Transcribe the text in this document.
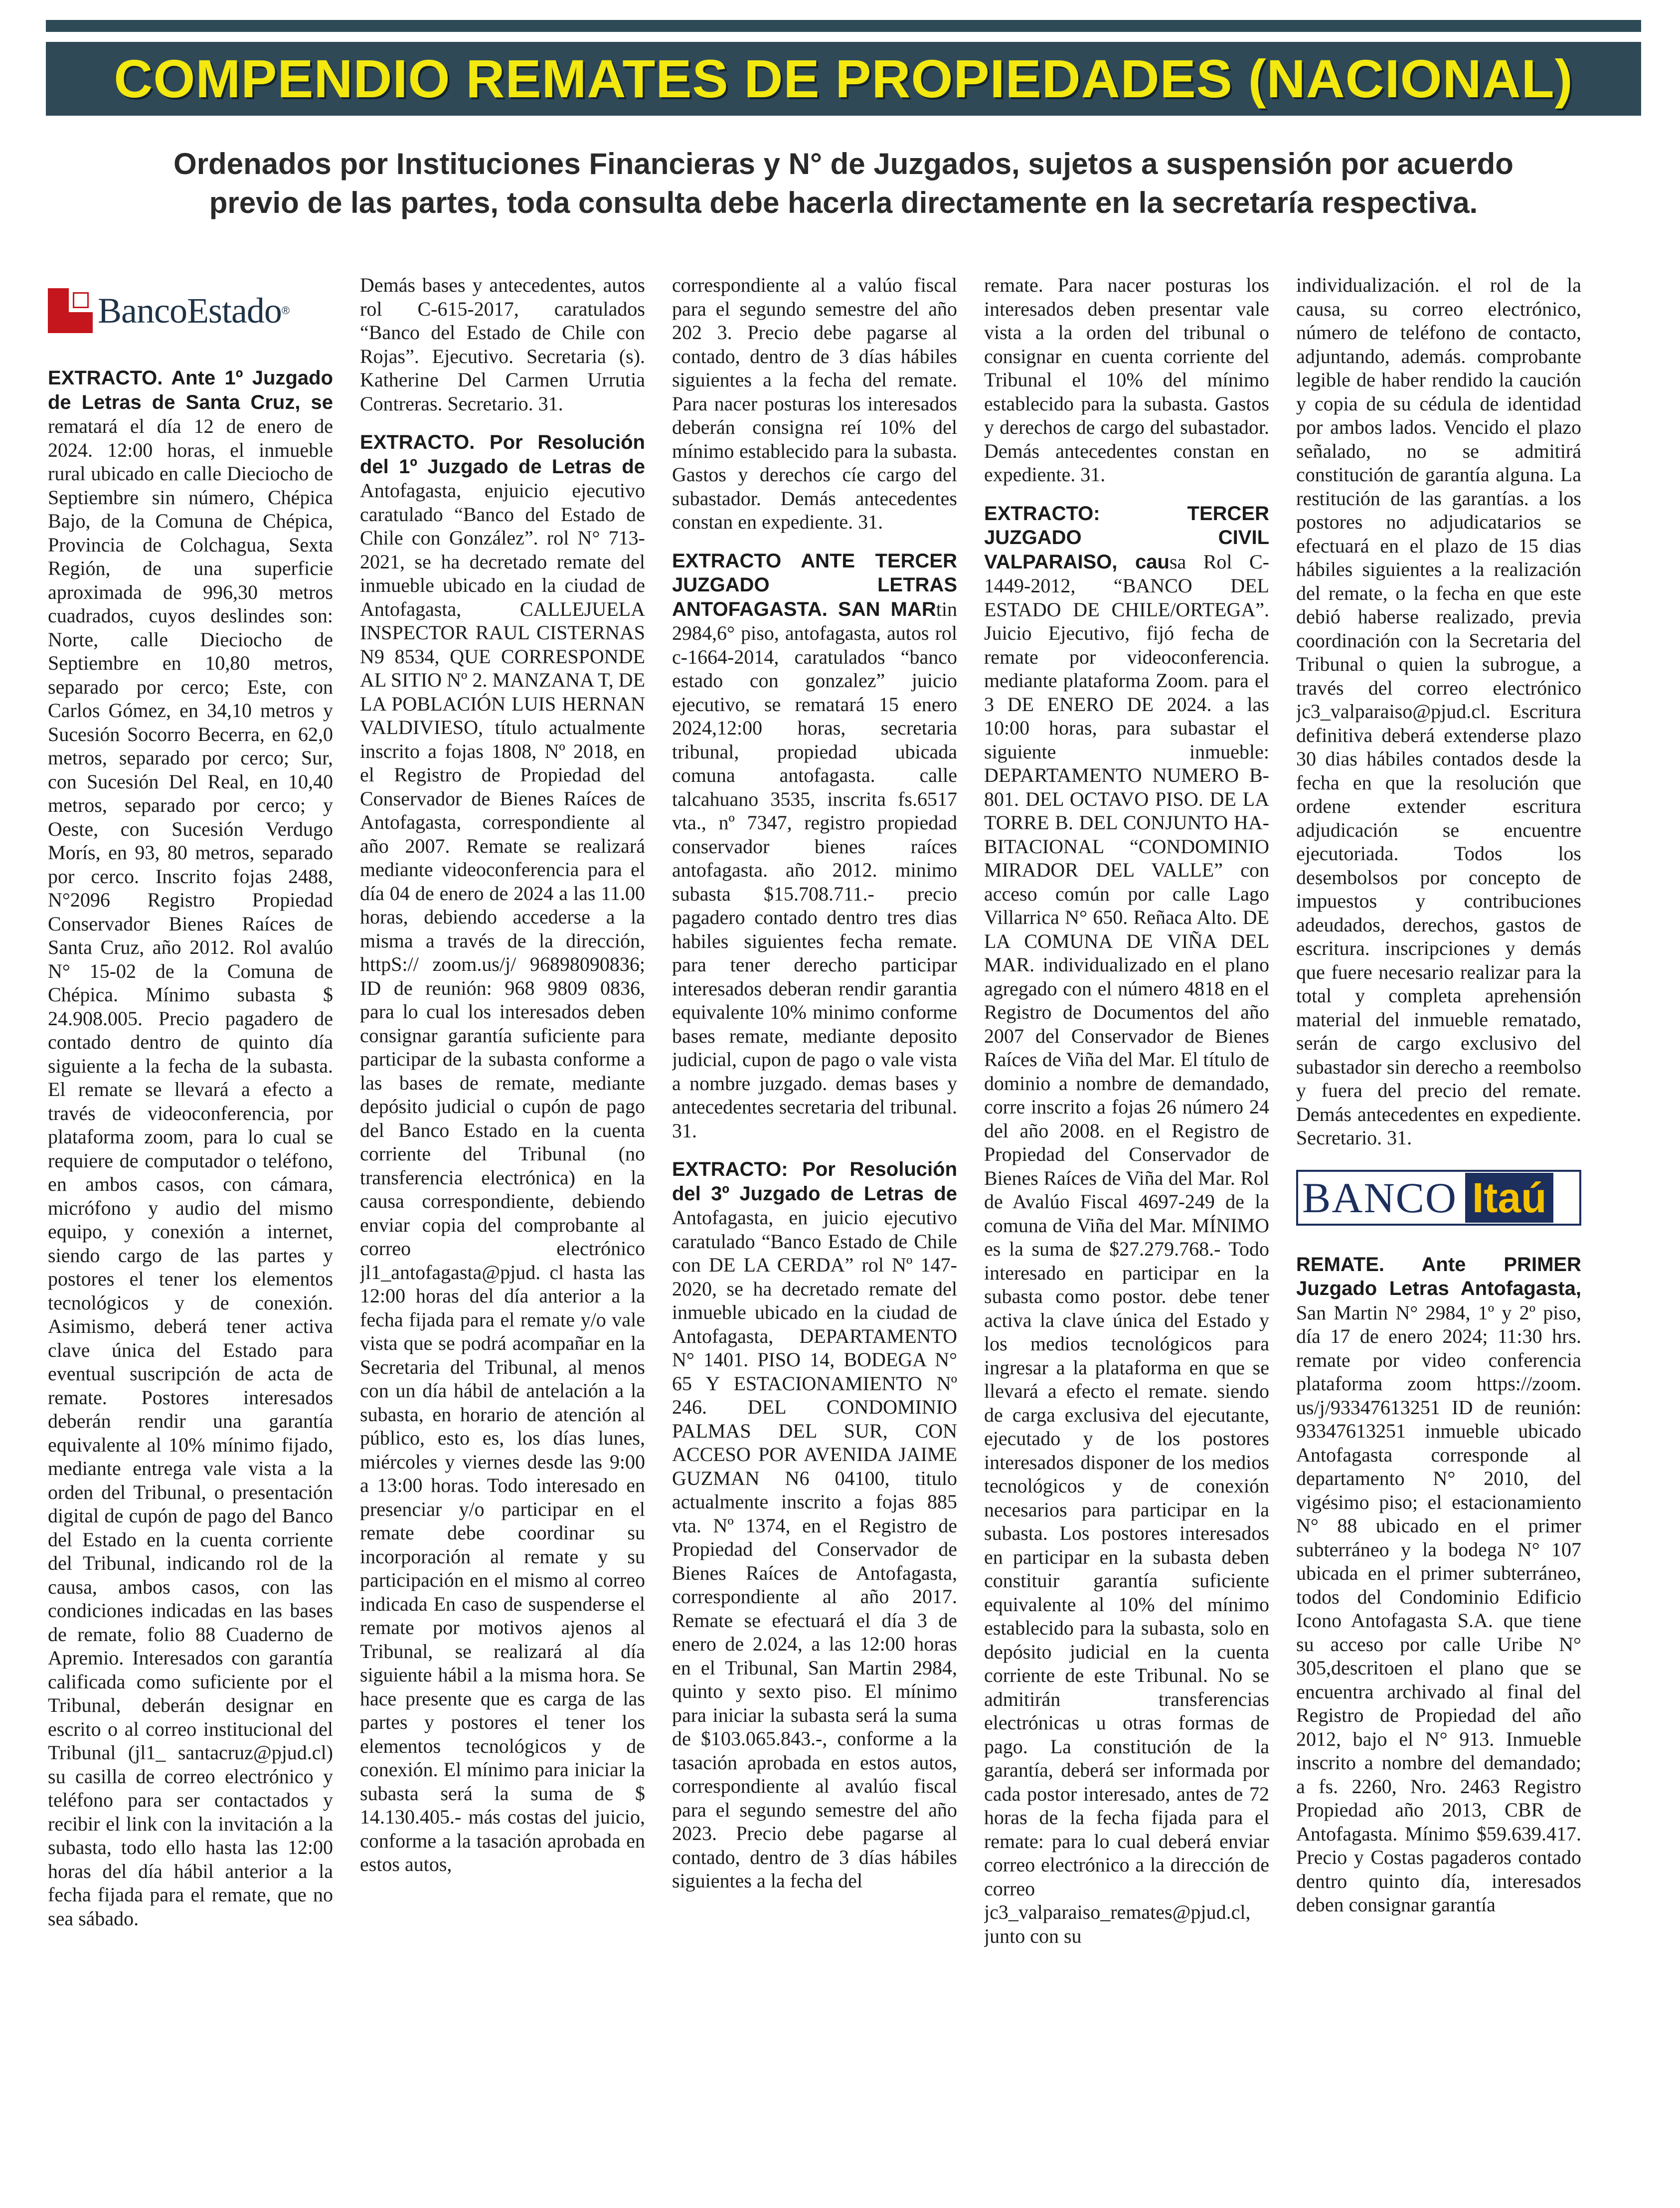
COMPENDIO REMATES DE PROPIEDADES (NACIONAL)
Ordenados por Instituciones Financieras y N° de Juzgados, sujetos a suspensión por acuerdo
previo de las partes, toda consulta debe hacerla directamente en la secretaría respectiva.
BancoEstado ®

EXTRACTO. Ante 1º Juzgado de Letras de Santa Cruz, se rematará el día 12 de enero de 2024. 12:00 horas, el inmueble rural ubicado en calle Dieciocho de Septiembre sin número, Chépica Bajo, de la Comuna de Chépica, Provincia de Colchagua, Sexta Región, de una superficie aproximada de 996,30 metros cuadrados, cuyos deslindes son: Norte, calle Dieciocho de Septiembre en 10,80 metros, separado por cerco; Este, con Carlos Gómez, en 34,10 metros y Sucesión Socorro Becerra, en 62,0 metros, separado por cerco; Sur, con Sucesión Del Real, en 10,40 metros, separado por cerco; y Oeste, con Sucesión Verdugo Morís, en 93, 80 metros, separado por cerco. Inscrito fojas 2488, N°2096 Registro Propiedad Conservador Bienes Raíces de Santa Cruz, año 2012. Rol avalúo N° 15-02 de la Comuna de Chépica. Mínimo subasta $ 24.908.005. Precio pagadero de contado dentro de quinto día siguiente a la fecha de la subasta. El remate se llevará a efecto a través de videoconferencia, por plataforma zoom, para lo cual se requiere de computador o teléfono, en ambos casos, con cámara, micrófono y audio del mismo equipo, y conexión a internet, siendo cargo de las partes y postores el tener los elementos tecnológicos y de conexión. Asimismo, deberá tener activa clave única del Estado para eventual suscripción de acta de remate. Postores interesados deberán rendir una garantía equivalente al 10% mínimo fijado, mediante entrega vale vista a la orden del Tribunal, o presentación digital de cupón de pago del Banco del Estado en la cuenta corriente del Tribunal, indicando rol de la causa, ambos casos, con las condiciones indicadas en las bases de remate, folio 88 Cuaderno de Apremio. Interesados con garantía calificada como suficiente por el Tribunal, deberán designar en escrito o al correo institucional del Tribunal (jl1_ santacruz@pjud.cl) su casilla de correo electrónico y teléfono para ser contactados y recibir el link con la invitación a la subasta, todo ello hasta las 12:00 horas del día hábil anterior a la fecha fijada para el remate, que no sea sábado.

Demás bases y antecedentes, autos rol C-615-2017, caratulados “Banco del Estado de Chile con Rojas”. Ejecutivo. Secretaria (s). Katherine Del Carmen Urrutia Contreras. Secretario. 31.

EXTRACTO. Por Resolución del 1º Juzgado de Letras de Antofagasta, enjuicio ejecutivo caratulado “Banco del Estado de Chile con González”. rol N° 713-2021, se ha decretado remate del inmueble ubicado en la ciudad de Antofagasta, CALLEJUELA INSPECTOR RAUL CISTERNAS N9 8534, QUE CORRESPONDE AL SITIO Nº 2. MANZANA T, DE LA POBLACIÓN LUIS HERNAN VALDIVIESO, título actualmente inscrito a fojas 1808, Nº 2018, en el Registro de Propiedad del Conservador de Bienes Raíces de Antofagasta, correspondiente al año 2007. Remate se realizará mediante videoconferencia para el día 04 de enero de 2024 a las 11.00 horas, debiendo accederse a la misma a través de la dirección, httpS:// zoom.us/j/ 96898090836; ID de reunión: 968 9809 0836, para lo cual los interesados deben consignar garantía suficiente para participar de la subasta conforme a las bases de remate, mediante depósito judicial o cupón de pago del Banco Estado en la cuenta corriente del Tribunal (no transferencia electrónica) en la causa correspondiente, debiendo enviar copia del comprobante al correo electrónico jl1_antofagasta@pjud. cl hasta las 12:00 horas del día anterior a la fecha fijada para el remate y/o vale vista que se podrá acompañar en la Secretaria del Tribunal, al menos con un día hábil de antelación a la subasta, en horario de atención al público, esto es, los días lunes, miércoles y viernes desde las 9:00 a 13:00 horas. Todo interesado en presenciar y/o participar en el remate debe coordinar su incorporación al remate y su participación en el mismo al correo indicada En caso de suspenderse el remate por motivos ajenos al Tribunal, se realizará al día siguiente hábil a la misma hora. Se hace presente que es carga de las partes y postores el tener los elementos tecnológicos y de conexión. El mínimo para iniciar la subasta será la suma de $ 14.130.405.- más costas del juicio, conforme a la tasación aprobada en estos autos,

correspondiente al a valúo fiscal para el segundo semestre del año 202 3. Precio debe pagarse al contado, dentro de 3 días hábiles siguientes a la fecha del remate. Para nacer posturas los interesados deberán consigna reí 10% del mínimo establecido para la subasta. Gastos y derechos cíe cargo del subastador. Demás antecedentes constan en expediente. 31.

EXTRACTO ANTE TERCER JUZGADO LETRAS ANTOFAGASTA. SAN MARtin 2984,6° piso, antofagasta, autos rol c-1664-2014, caratulados “banco estado con gonzalez” juicio ejecutivo, se rematará 15 enero 2024,12:00 horas, secretaria tribunal, propiedad ubicada comuna antofagasta. calle talcahuano 3535, inscrita fs.6517 vta., nº 7347, registro propiedad conservador bienes raíces antofagasta. año 2012. minimo subasta $15.708.711.- precio pagadero contado dentro tres dias habiles siguientes fecha remate. para tener derecho participar interesados deberan rendir garantia equivalente 10% minimo conforme bases remate, mediante deposito judicial, cupon de pago o vale vista a nombre juzgado. demas bases y antecedentes secretaria del tribunal. 31.

EXTRACTO: Por Resolución del 3º Juzgado de Letras de Antofagasta, en juicio ejecutivo caratulado “Banco Estado de Chile con DE LA CERDA” rol Nº 147-2020, se ha decretado remate del inmueble ubicado en la ciudad de Antofagasta, DEPARTAMENTO N° 1401. PISO 14, BODEGA N° 65 Y ESTACIONAMIENTO Nº 246. DEL CONDOMINIO PALMAS DEL SUR, CON ACCESO POR AVENIDA JAIME GUZMAN N6 04100, titulo actualmente inscrito a fojas 885 vta. Nº 1374, en el Registro de Propiedad del Conservador de Bienes Raíces de Antofagasta, correspondiente al año 2017. Remate se efectuará el día 3 de enero de 2.024, a las 12:00 horas en el Tribunal, San Martin 2984, quinto y sexto piso. El mínimo para iniciar la subasta será la suma de $103.065.843.-, conforme a la tasación aprobada en estos autos, correspondiente al avalúo fiscal para el segundo semestre del año 2023. Precio debe pagarse al contado, dentro de 3 días hábiles siguientes a la fecha del

remate. Para nacer posturas los interesados deben presentar vale vista a la orden del tribunal o consignar en cuenta corriente del Tribunal el 10% del mínimo establecido para la subasta. Gastos y derechos de cargo del subastador. Demás antecedentes constan en expediente. 31.

EXTRACTO: TERCER JUZGADO CIVIL VALPARAISO, causa Rol C-1449-2012, “BANCO DEL ESTADO DE CHILE/ORTEGA”. Juicio Ejecutivo, fijó fecha de remate por videoconferencia. mediante plataforma Zoom. para el 3 DE ENERO DE 2024. a las 10:00 horas, para subastar el siguiente inmueble: DEPARTAMENTO NUMERO B-801. DEL OCTAVO PISO. DE LA TORRE B. DEL CONJUNTO HA-BITACIONAL “CONDOMINIO MIRADOR DEL VALLE” con acceso común por calle Lago Villarrica N° 650. Reñaca Alto. DE LA COMUNA DE VIÑA DEL MAR. individualizado en el plano agregado con el número 4818 en el Registro de Documentos del año 2007 del Conservador de Bienes Raíces de Viña del Mar. El título de dominio a nombre de demandado, corre inscrito a fojas 26 número 24 del año 2008. en el Registro de Propiedad del Conservador de Bienes Raíces de Viña del Mar. Rol de Avalúo Fiscal 4697-249 de la comuna de Viña del Mar. MÍNIMO es la suma de $27.279.768.- Todo interesado en participar en la subasta como postor. debe tener activa la clave única del Estado y los medios tecnológicos para ingresar a la plataforma en que se llevará a efecto el remate. siendo de carga exclusiva del ejecutante, ejecutado y de los postores interesados disponer de los medios tecnológicos y de conexión necesarios para participar en la subasta. Los postores interesados en participar en la subasta deben constituir garantía suficiente equivalente al 10% del mínimo establecido para la subasta, solo en depósito judicial en la cuenta corriente de este Tribunal. No se admitirán transferencias electrónicas u otras formas de pago. La constitución de la garantía, deberá ser informada por cada postor interesado, antes de 72 horas de la fecha fijada para el remate: para lo cual deberá enviar correo electrónico a la dirección de correo jc3_valparaiso_remates@pjud.cl, junto con su

individualización. el rol de la causa, su correo electrónico, número de teléfono de contacto, adjuntando, además. comprobante legible de haber rendido la caución y copia de su cédula de identidad por ambos lados. Vencido el plazo señalado, no se admitirá constitución de garantía alguna. La restitución de las garantías. a los postores no adjudicatarios se efectuará en el plazo de 15 dias hábiles siguientes a la realización del remate, o la fecha en que este debió haberse realizado, previa coordinación con la Secretaria del Tribunal o quien la subrogue, a través del correo electrónico jc3_valparaiso@pjud.cl. Escritura definitiva deberá extenderse plazo 30 dias hábiles contados desde la fecha en que la resolución que ordene extender escritura adjudicación se encuentre ejecutoriada. Todos los desembolsos por concepto de impuestos y contribuciones adeudados, derechos, gastos de escritura. inscripciones y demás que fuere necesario realizar para la total y completa aprehensión material del inmueble rematado, serán de cargo exclusivo del subastador sin derecho a reembolso y fuera del precio del remate. Demás antecedentes en expediente. Secretario. 31.

BANCO Itaú

REMATE. Ante PRIMER Juzgado Letras Antofagasta, San Martin N° 2984, 1º y 2º piso, día 17 de enero 2024; 11:30 hrs. remate por video conferencia plataforma zoom https://zoom. us/j/93347613251 ID de reunión: 93347613251 inmueble ubicado Antofagasta corresponde al departamento N° 2010, del vigésimo piso; el estacionamiento N° 88 ubicado en el primer subterráneo y la bodega N° 107 ubicada en el primer subterráneo, todos del Condominio Edificio Icono Antofagasta S.A. que tiene su acceso por calle Uribe N° 305,descritoen el plano que se encuentra archivado al final del Registro de Propiedad del año 2012, bajo el N° 913. Inmueble inscrito a nombre del demandado; a fs. 2260, Nro. 2463 Registro Propiedad año 2013, CBR de Antofagasta. Mínimo $59.639.417. Precio y Costas pagaderos contado dentro quinto día, interesados deben consignar garantía
